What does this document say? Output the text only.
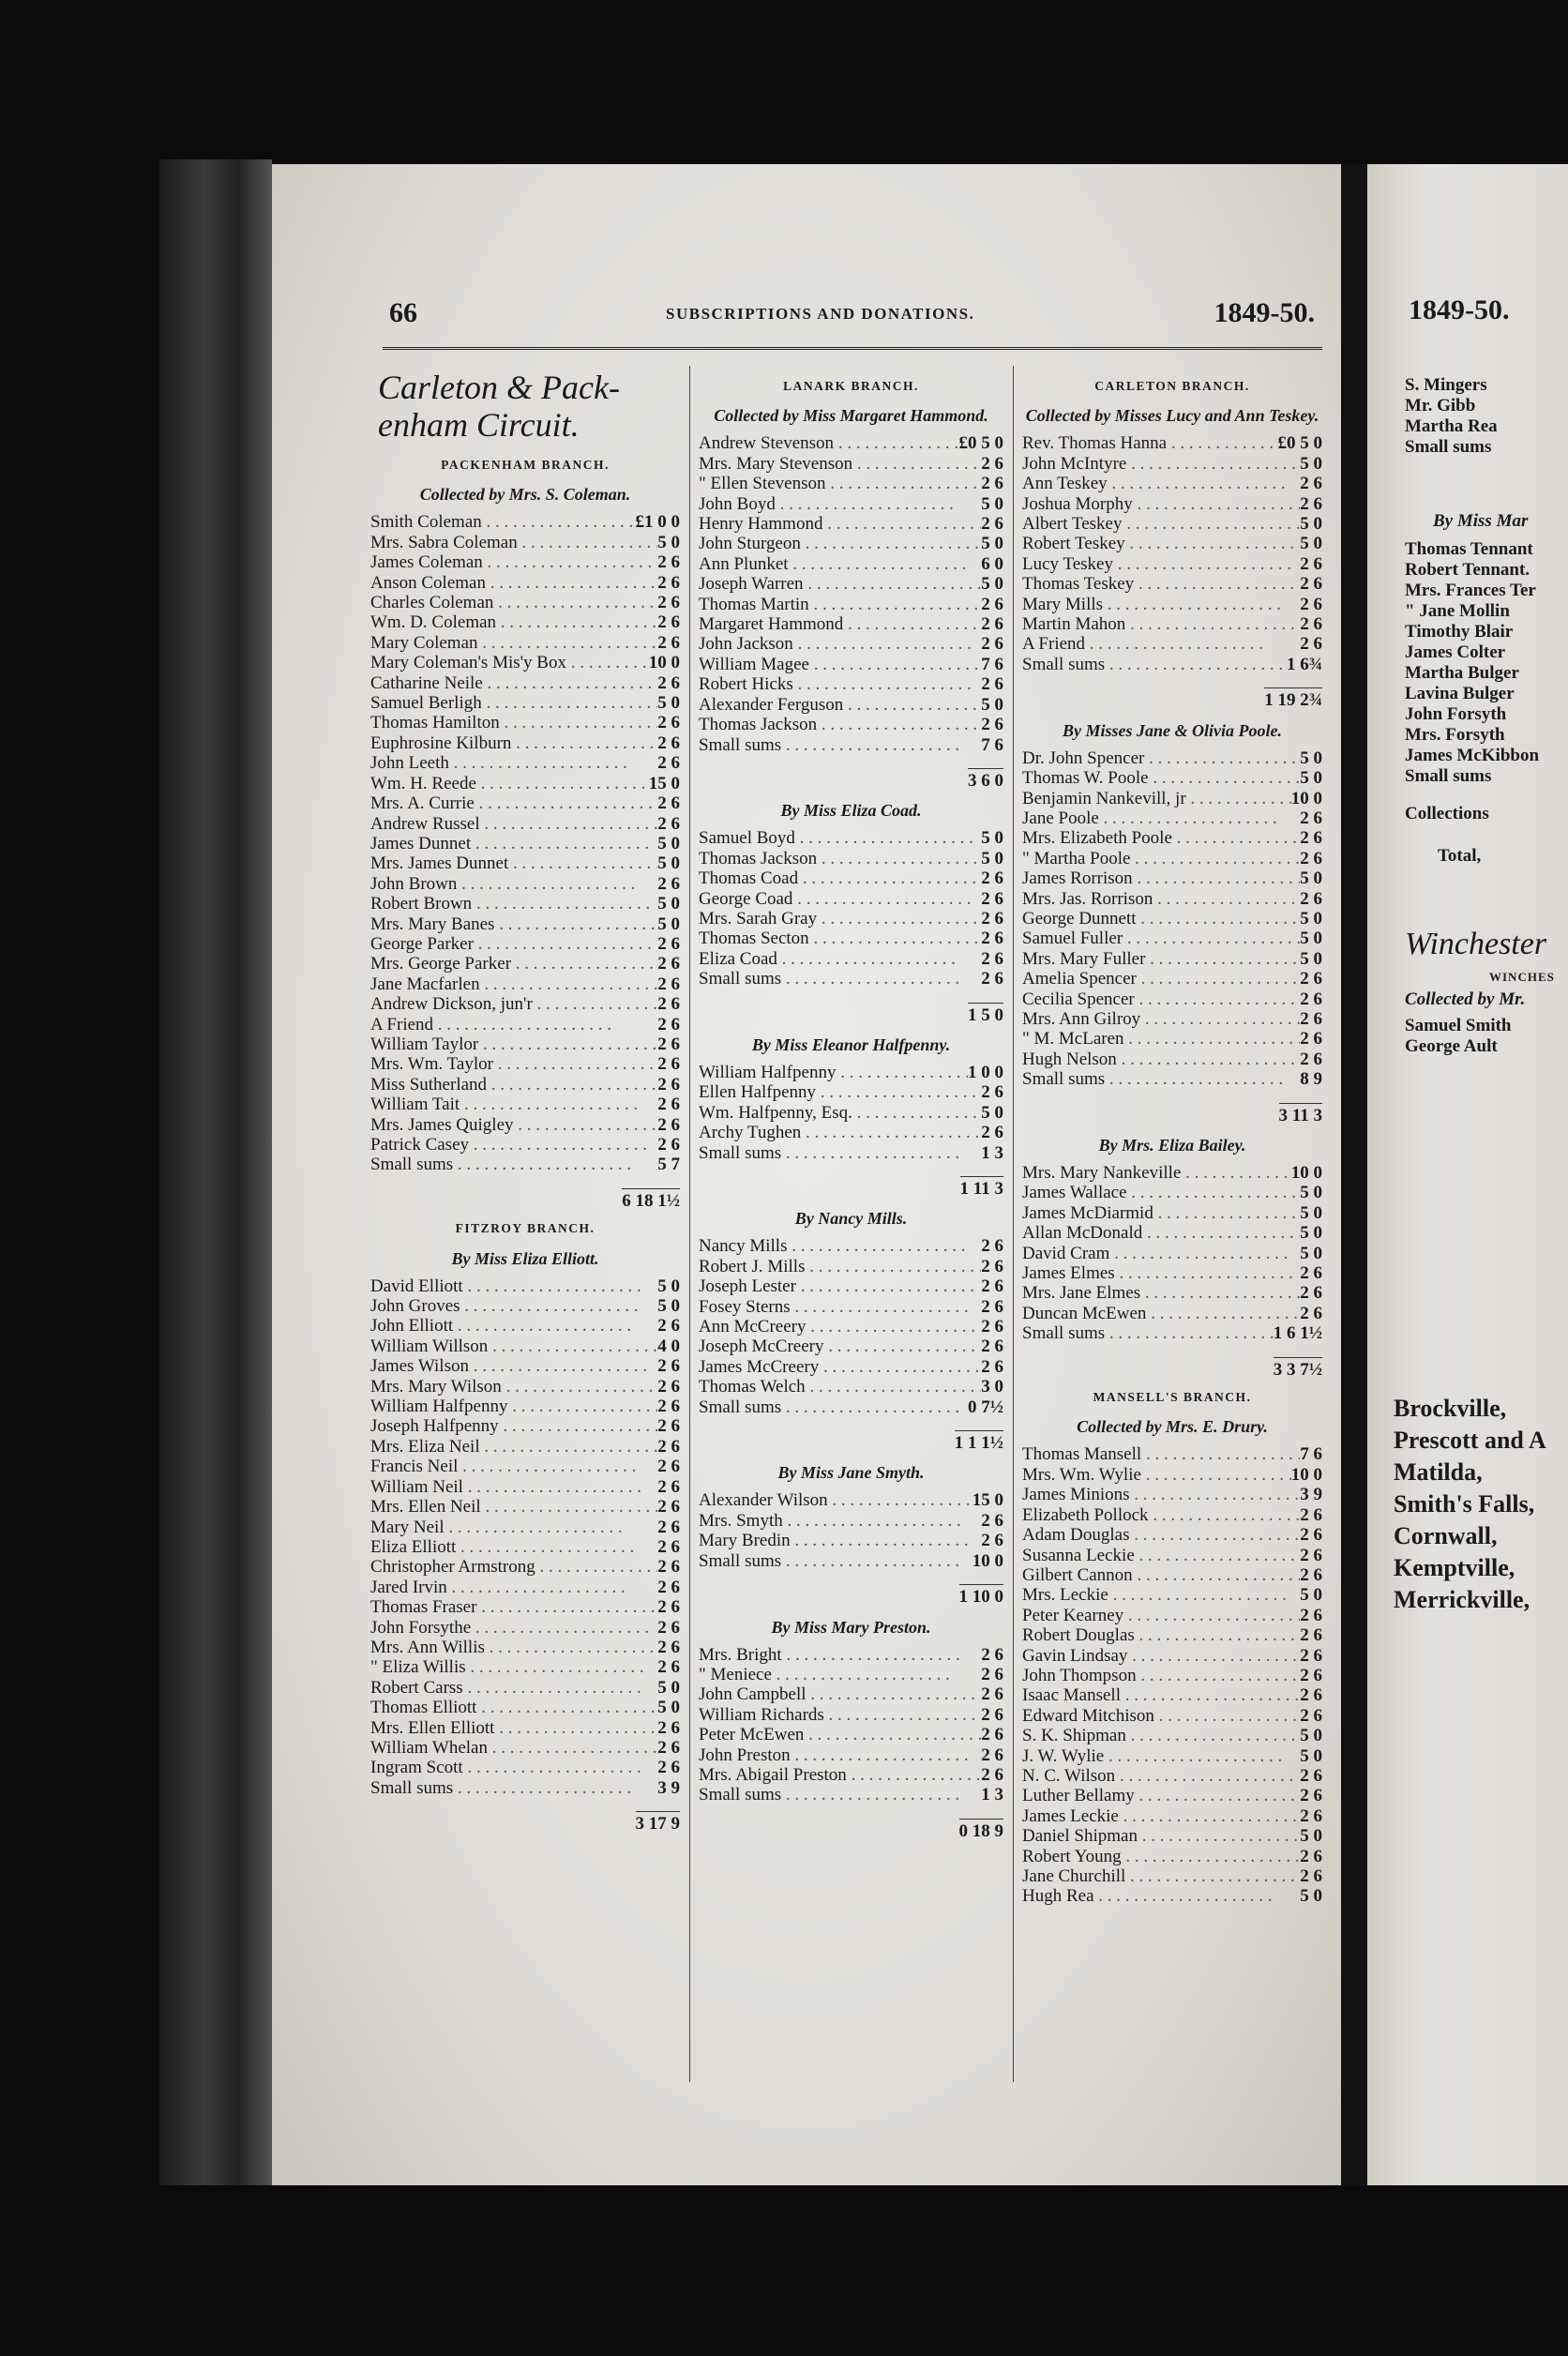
66	SUBSCRIPTIONS AND DONATIONS.	1849-50.
Carleton & Pack- enham Circuit.
PACKENHAM BRANCH.
Collected by Mrs. S. Coleman.
Smith Coleman . . .	£1 0 0
Mrs. Sabra Coleman . . .	5 0
James Coleman . . .	2 6
Anson Coleman . . .	2 6
Charles Coleman . . .	2 6
Wm. D. Coleman . . .	2 6
Mary Coleman . . .	2 6
Mary Coleman's Mis'y Box . . .	10 0
Catharine Neile . . .	2 6
Samuel Berligh . . .	5 0
Thomas Hamilton . . .	2 6
Euphrosine Kilburn . . .	2 6
John Leeth . . .	2 6
Wm. H. Reede . . .	15 0
Mrs. A. Currie . . .	2 6
Andrew Russel . . .	2 6
James Dunnet . . .	5 0
Mrs. James Dunnet . . .	5 0
John Brown . . .	2 6
Robert Brown . . .	5 0
Mrs. Mary Banes . . .	5 0
George Parker . . .	2 6
Mrs. George Parker . . .	2 6
Jane Macfarlen . . .	2 6
Andrew Dickson, jun'r . . .	2 6
A Friend . . .	2 6
William Taylor . . .	2 6
Mrs. Wm. Taylor . . .	2 6
Miss Sutherland . . .	2 6
William Tait . . .	2 6
Mrs. James Quigley . . .	2 6
Patrick Casey . . .	2 6
Small sums . . .	5 7
6 18 1½
FITZROY BRANCH.
By Miss Eliza Elliott.
David Elliott . . .	5 0
John Groves . . .	5 0
John Elliott . . .	2 6
William Willson . . .	4 0
James Wilson . . .	2 6
Mrs. Mary Wilson . . .	2 6
William Halfpenny . . .	2 6
Joseph Halfpenny . . .	2 6
Mrs. Eliza Neil . . .	2 6
Francis Neil . . .	2 6
William Neil . . .	2 6
Mrs. Ellen Neil . . .	2 6
Mary Neil . . .	2 6
Eliza Elliott . . .	2 6
Christopher Armstrong . . .	2 6
Jared Irvin . . .	2 6
Thomas Fraser . . .	2 6
John Forsythe . . .	2 6
Mrs. Ann Willis . . .	2 6
" Eliza Willis . . .	2 6
Robert Carss . . .	5 0
Thomas Elliott . . .	5 0
Mrs. Ellen Elliott . . .	2 6
William Whelan . . .	2 6
Ingram Scott . . .	2 6
Small sums . . .	3 9
3 17 9
LANARK BRANCH.
Collected by Miss Margaret Hammond.
Andrew Stevenson . . .	£0 5 0
Mrs. Mary Stevenson . . .	2 6
" Ellen Stevenson . . .	2 6
John Boyd . . .	5 0
Henry Hammond . . .	2 6
John Sturgeon . . .	5 0
Ann Plunket . . .	6 0
Joseph Warren . . .	5 0
Thomas Martin . . .	2 6
Margaret Hammond . . .	2 6
John Jackson . . .	2 6
William Magee . . .	7 6
Robert Hicks . . .	2 6
Alexander Ferguson . . .	5 0
Thomas Jackson . . .	2 6
Small sums . . .	7 6
3 6 0
By Miss Eliza Coad.
Samuel Boyd . . .	5 0
Thomas Jackson . . .	5 0
Thomas Coad . . .	2 6
George Coad . . .	2 6
Mrs. Sarah Gray . . .	2 6
Thomas Secton . . .	2 6
Eliza Coad . . .	2 6
Small sums . . .	2 6
1 5 0
By Miss Eleanor Halfpenny.
William Halfpenny . . .	1 0 0
Ellen Halfpenny . . .	2 6
Wm. Halfpenny, Esq. . . .	5 0
Archy Tughen . . .	2 6
Small sums . . .	1 3
1 11 3
By Nancy Mills.
Nancy Mills . . .	2 6
Robert J. Mills . . .	2 6
Joseph Lester . . .	2 6
Fosey Sterns . . .	2 6
Ann McCreery . . .	2 6
Joseph McCreery . . .	2 6
James McCreery . . .	2 6
Thomas Welch . . .	3 0
Small sums . . .	0 7½
1 1 1½
By Miss Jane Smyth.
Alexander Wilson . . .	15 0
Mrs. Smyth . . .	2 6
Mary Bredin . . .	2 6
Small sums . . .	10 0
1 10 0
By Miss Mary Preston.
Mrs. Bright . . .	2 6
" Meniece . . .	2 6
John Campbell . . .	2 6
William Richards . . .	2 6
Peter McEwen . . .	2 6
John Preston . . .	2 6
Mrs. Abigail Preston . . .	2 6
Small sums . . .	1 3
0 18 9
CARLETON BRANCH.
Collected by Misses Lucy and Ann Teskey.
Rev. Thomas Hanna . . .	£0 5 0
John McIntyre . . .	5 0
Ann Teskey . . .	2 6
Joshua Morphy . . .	2 6
Albert Teskey . . .	5 0
Robert Teskey . . .	5 0
Lucy Teskey . . .	2 6
Thomas Teskey . . .	2 6
Mary Mills . . .	2 6
Martin Mahon . . .	2 6
A Friend . . .	2 6
Small sums . . .	1 6¾
1 19 2¾
By Misses Jane & Olivia Poole.
Dr. John Spencer . . .	5 0
Thomas W. Poole . . .	5 0
Benjamin Nankevill, jr . . .	10 0
Jane Poole . . .	2 6
Mrs. Elizabeth Poole . . .	2 6
" Martha Poole . . .	2 6
James Rorrison . . .	5 0
Mrs. Jas. Rorrison . . .	2 6
George Dunnett . . .	5 0
Samuel Fuller . . .	5 0
Mrs. Mary Fuller . . .	5 0
Amelia Spencer . . .	2 6
Cecilia Spencer . . .	2 6
Mrs. Ann Gilroy . . .	2 6
" M. McLaren . . .	2 6
Hugh Nelson . . .	2 6
Small sums . . .	8 9
3 11 3
By Mrs. Eliza Bailey.
Mrs. Mary Nankeville . . .	10 0
James Wallace . . .	5 0
James McDiarmid . . .	5 0
Allan McDonald . . .	5 0
David Cram . . .	5 0
James Elmes . . .	2 6
Mrs. Jane Elmes . . .	2 6
Duncan McEwen . . .	2 6
Small sums . . .	1 6 1½
3 3 7½
MANSELL'S BRANCH.
Collected by Mrs. E. Drury.
Thomas Mansell . . .	7 6
Mrs. Wm. Wylie . . .	10 0
James Minions . . .	3 9
Elizabeth Pollock . . .	2 6
Adam Douglas . . .	2 6
Susanna Leckie . . .	2 6
Gilbert Cannon . . .	2 6
Mrs. Leckie . . .	5 0
Peter Kearney . . .	2 6
Robert Douglas . . .	2 6
Gavin Lindsay . . .	2 6
John Thompson . . .	2 6
Isaac Mansell . . .	2 6
Edward Mitchison . . .	2 6
S. K. Shipman . . .	5 0
J. W. Wylie . . .	5 0
N. C. Wilson . . .	2 6
Luther Bellamy . . .	2 6
James Leckie . . .	2 6
Daniel Shipman . . .	5 0
Robert Young . . .	2 6
Jane Churchill . . .	2 6
Hugh Rea . . .	5 0
1849-50.
S. Mingers
Mr. Gibb
Martha Rea
Small sums
By Miss Mar
Thomas Tennant
Robert Tennant.
Mrs. Frances Ter
" Jane Mollin
Timothy Blair
James Colter
Martha Bulger
Lavina Bulger
John Forsyth
Mrs. Forsyth
James McKibbon
Small sums
Collections
Total,
Winchester
WINCHES
Collected by Mr.
Samuel Smith
George Ault
Brockville,
Prescott and A
Matilda,
Smith's Falls,
Cornwall,
Kemptville,
Merrickville,
